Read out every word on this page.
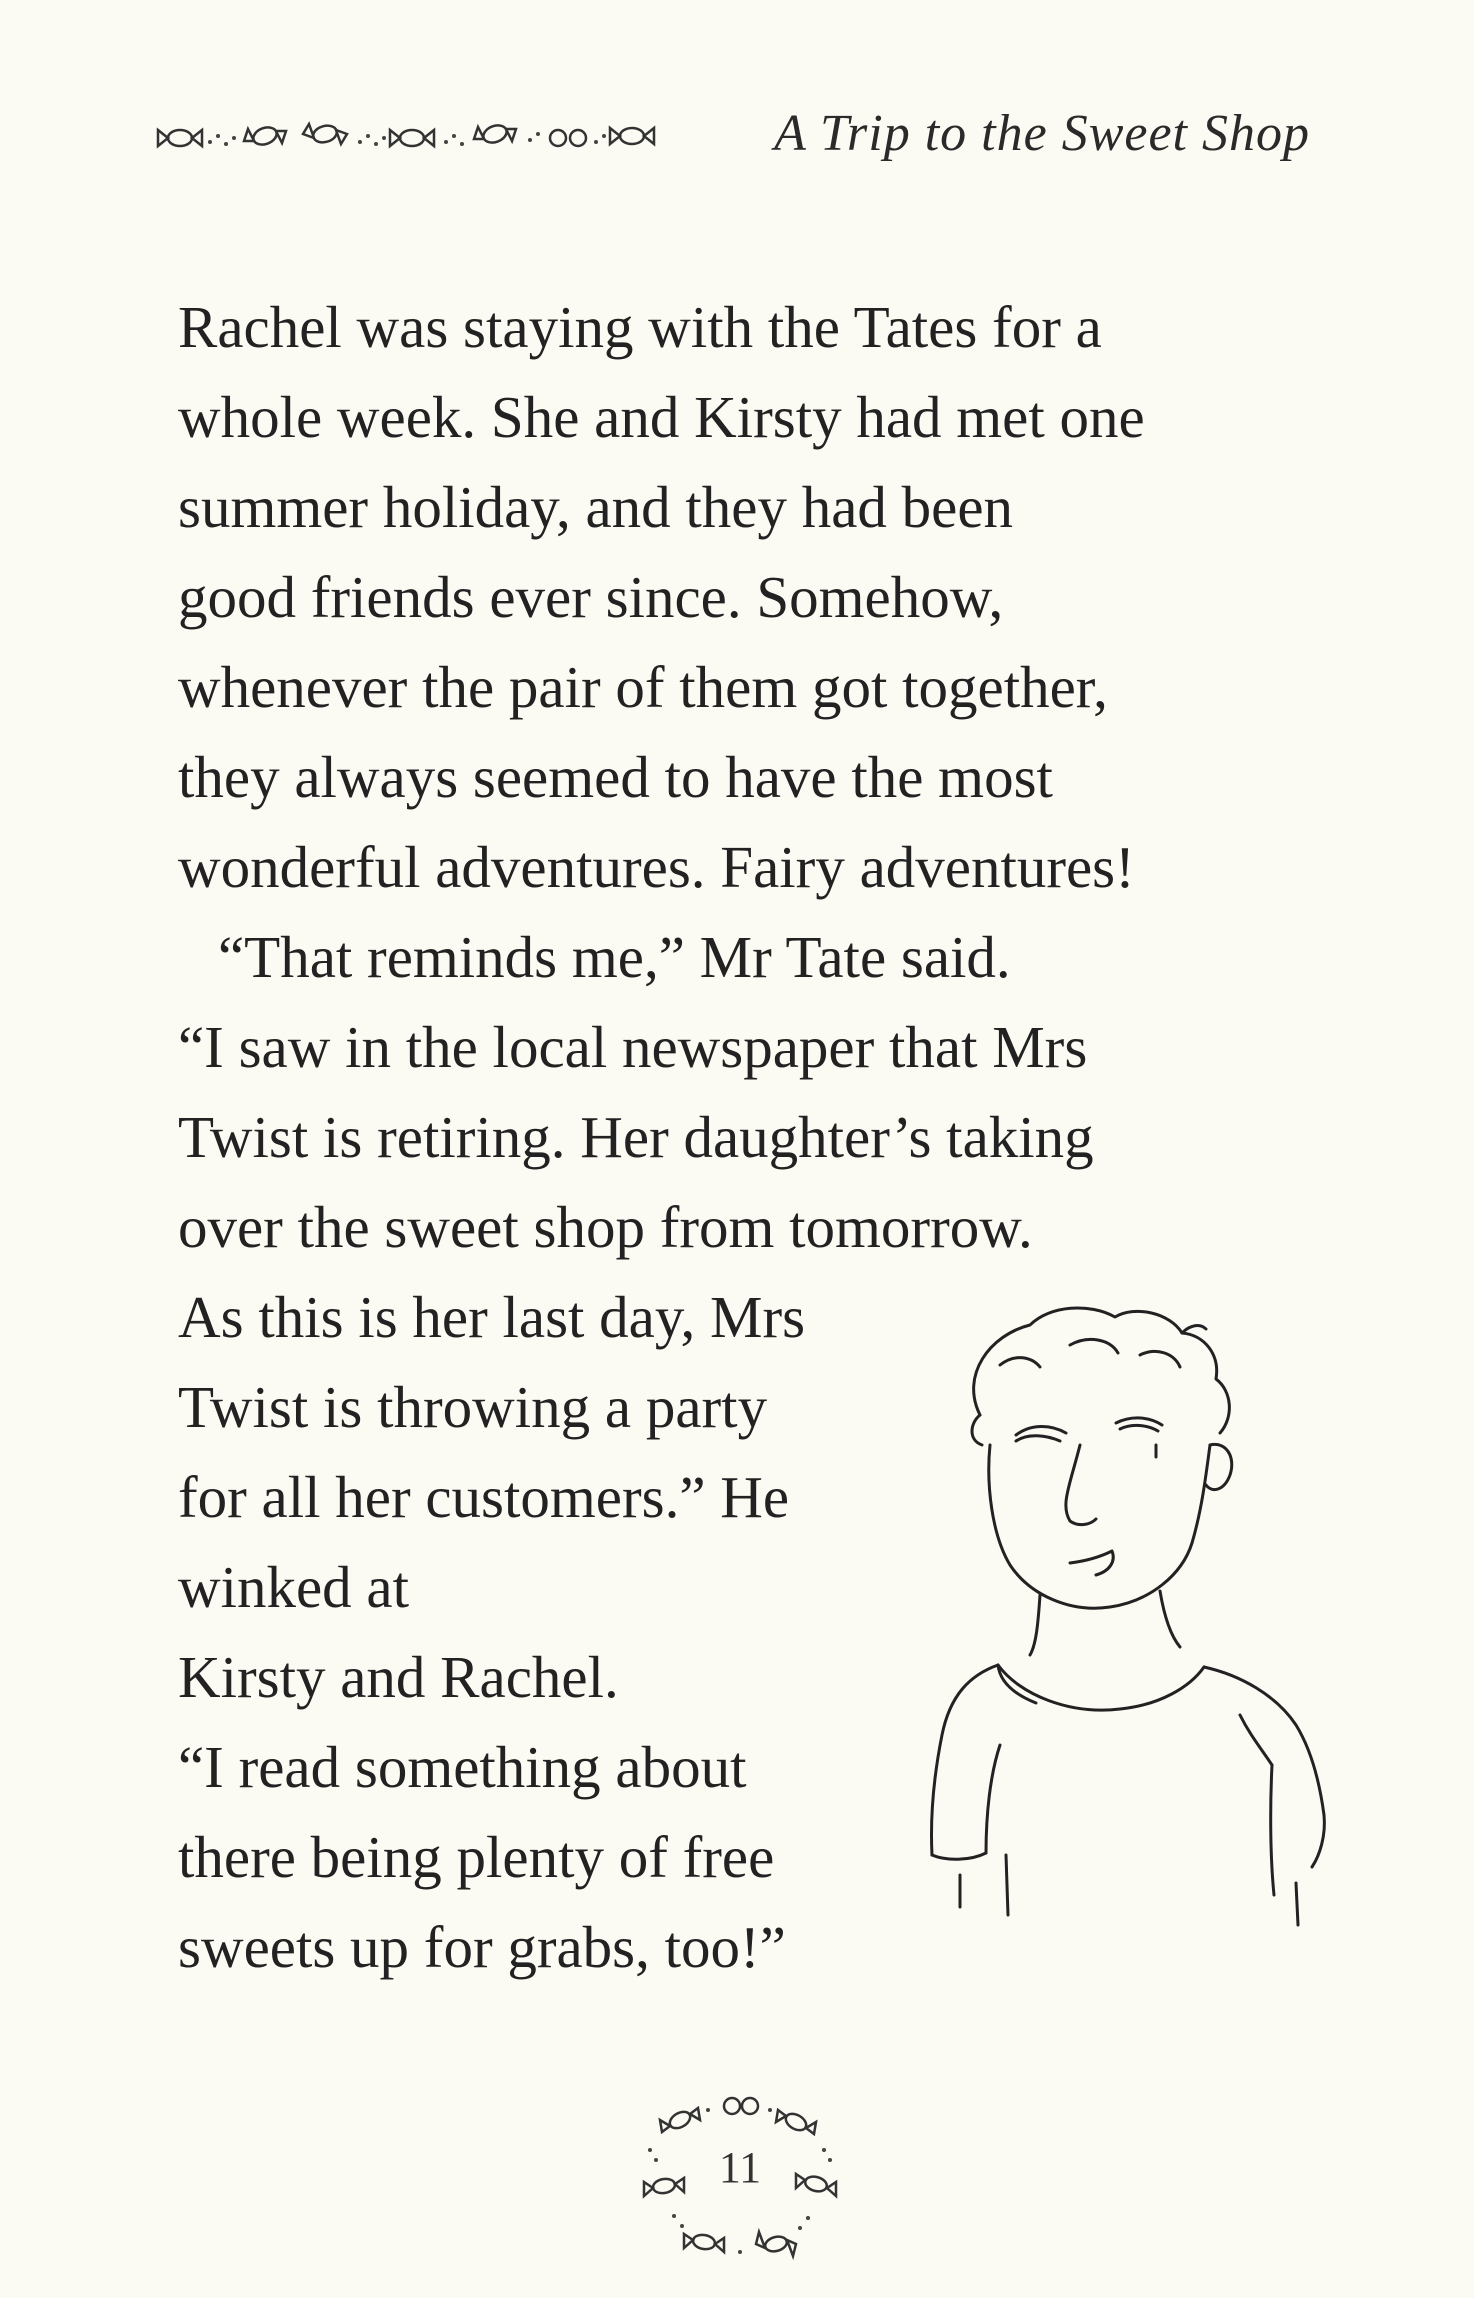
A Trip to the Sweet Shop
Rachel was staying with the Tates for a
whole week. She and Kirsty had met one
summer holiday, and they had been
good friends ever since. Somehow,
whenever the pair of them got together,
they always seemed to have the most
wonderful adventures. Fairy adventures!
“That reminds me,” Mr Tate said.
“I saw in the local newspaper that Mrs
Twist is retiring. Her daughter’s taking
over the sweet shop from tomorrow.
As this is her last day, Mrs
Twist is throwing a party
for all her customers.” He
winked at
Kirsty and Rachel.
“I read something about
there being plenty of free
sweets up for grabs, too!”
11
